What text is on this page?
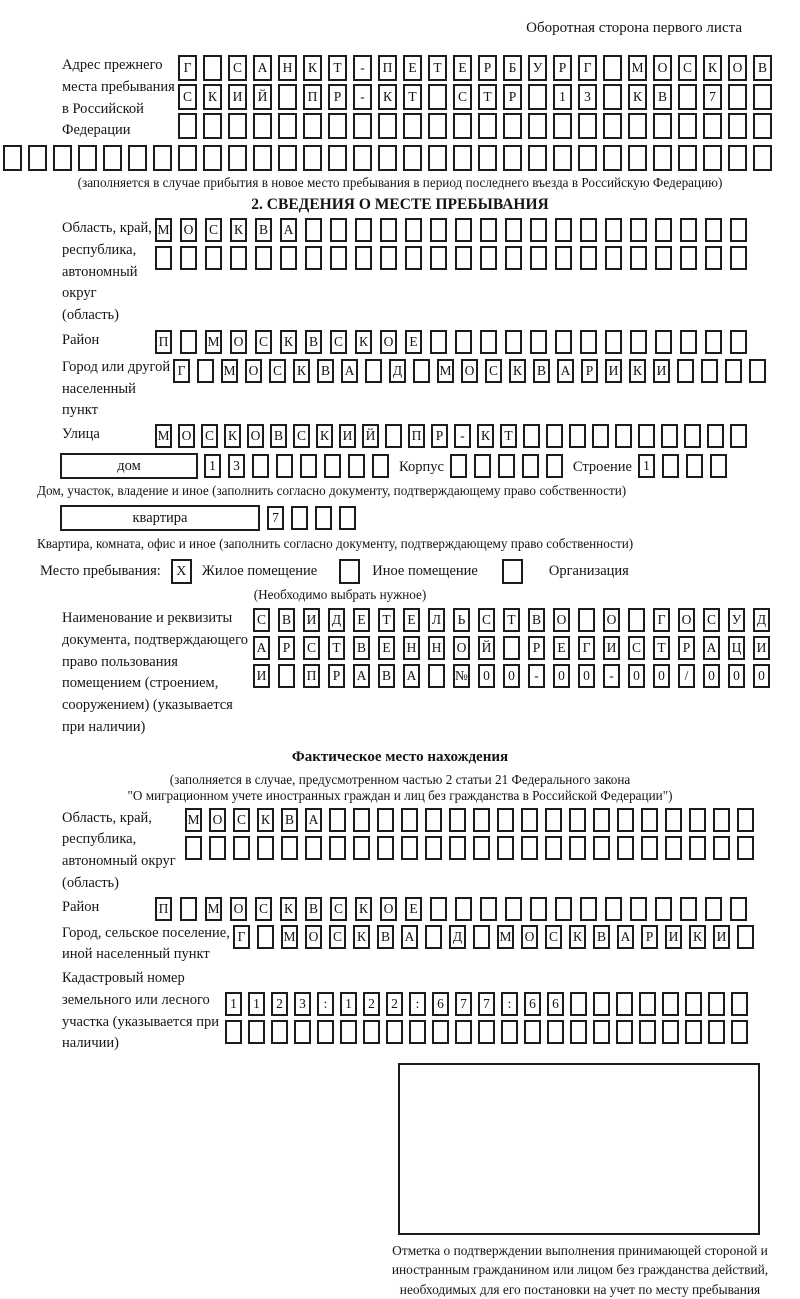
Оборотная сторона первого листа
Адрес прежнего места пребывания в Российской Федерации
Г	С	А	Н	К	Т	-	П	Е	Т	Е	Р	Б	У	Р	Г	М	О	С	К	О	В
С	К	И	Й	П	Р	-	К	Т	С	Т	Р	1	3	К	В	7
(заполняется в случае прибытия в новое место пребывания в период последнего въезда в Российскую Федерацию)
2. СВЕДЕНИЯ О МЕСТЕ ПРЕБЫВАНИЯ
Область, край, республика, автономный округ (область)
М О С К В А
Район	П	М О С К В С К О	Е
Город или другой населенный пункт
Г	М О С К В А	Д	М О С К В А	Р	И К И
Улица	М О С К О В С К И Й	П	Р	-	К	Т
дом	1	3	Корпус	Строение 1
Дом, участок, владение и иное (заполнить согласно документу, подтверждающему право собственности)
квартира	7
Квартира, комната, офис и иное (заполнить согласно документу, подтверждающему право собственности)
Место пребывания:	X	Жилое помещение	Иное помещение	Организация
(Необходимо выбрать нужное)
Наименование и реквизиты документа, подтверждающего право пользования помещением (строением, сооружением) (указывается при наличии)
С В И Д	Е	Т	Е	Л	Ь	С	Т	В О	О	Г	О С У Д
А	Р	С	Т	В	Е	Н Н О Й	Р	Е	Г	И С	Т	Р	А Ц И
И	П	Р	А В А	№	0	0	-	0	0	-	0	0	/	0	0	0
Фактическое место нахождения
(заполняется в случае, предусмотренном частью 2 статьи 21 Федерального закона
"О миграционном учете иностранных граждан и лиц без гражданства в Российской Федерации")
Область, край, республика, автономный округ (область)
М О С К В А
Район	П	М О С К В С К О	Е
Город, сельское поселение, иной населенный пункт
Г	М О С К В А	Д	М О С К В А	Р	И К И
Кадастровый номер земельного или лесного участка (указывается при наличии)
1	1	2	3	:	1	2	2	:	6	7	7	:	6	6
Отметка о подтверждении выполнения принимающей стороной и иностранным гражданином или лицом без гражданства действий, необходимых для его постановки на учет по месту пребывания
